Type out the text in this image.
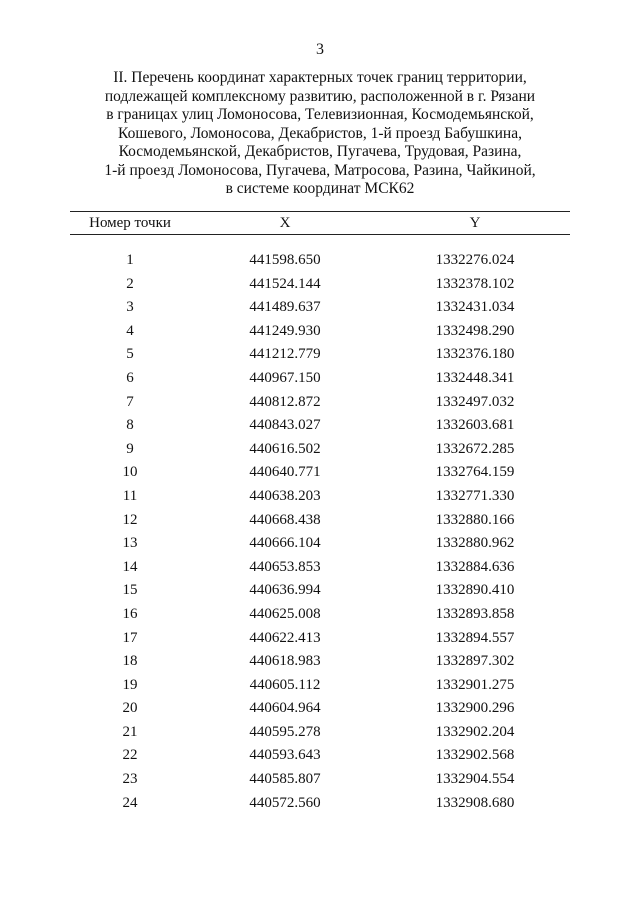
3
II. Перечень координат характерных точек границ территории,
подлежащей комплексному развитию, расположенной в г. Рязани
в границах улиц Ломоносова, Телевизионная, Космодемьянской,
Кошевого, Ломоносова, Декабристов, 1-й проезд Бабушкина,
Космодемьянской, Декабристов, Пугачева, Трудовая, Разина,
1-й проезд Ломоносова, Пугачева, Матросова, Разина, Чайкиной,
в системе координат МСК62
Номер точки	X	Y
1	441598.650	1332276.024
2	441524.144	1332378.102
3	441489.637	1332431.034
4	441249.930	1332498.290
5	441212.779	1332376.180
6	440967.150	1332448.341
7	440812.872	1332497.032
8	440843.027	1332603.681
9	440616.502	1332672.285
10	440640.771	1332764.159
11	440638.203	1332771.330
12	440668.438	1332880.166
13	440666.104	1332880.962
14	440653.853	1332884.636
15	440636.994	1332890.410
16	440625.008	1332893.858
17	440622.413	1332894.557
18	440618.983	1332897.302
19	440605.112	1332901.275
20	440604.964	1332900.296
21	440595.278	1332902.204
22	440593.643	1332902.568
23	440585.807	1332904.554
24	440572.560	1332908.680
